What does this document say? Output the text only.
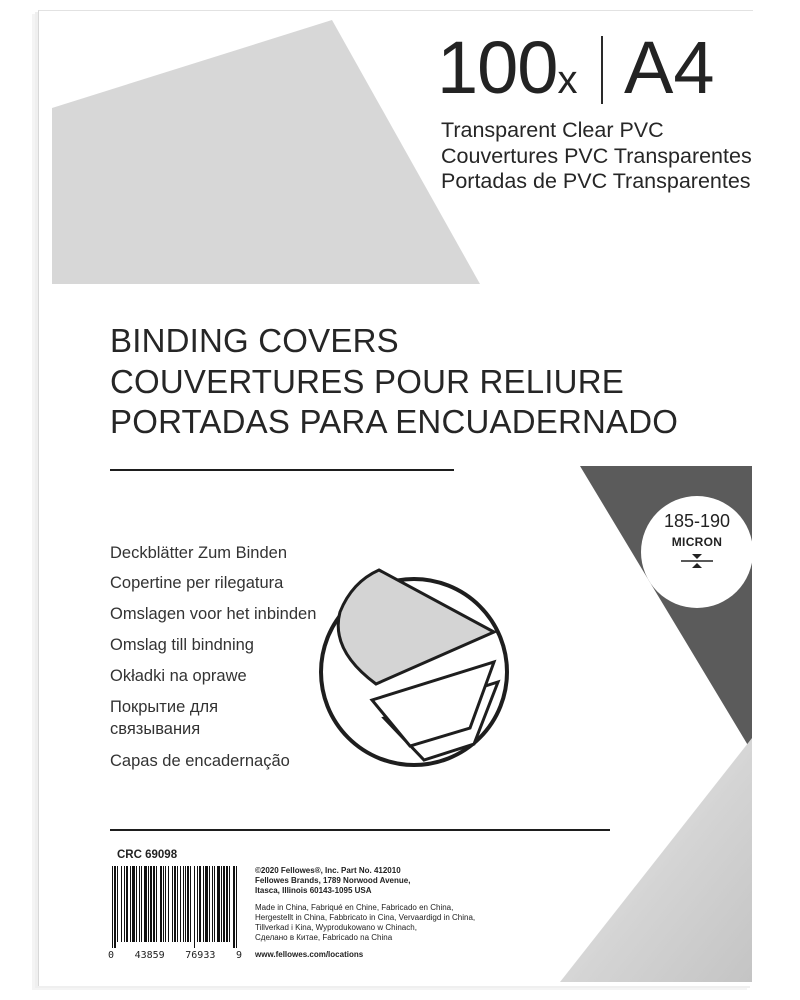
100x A4
Transparent Clear PVC
Couvertures PVC Transparentes
Portadas de PVC Transparentes
BINDING COVERS
COUVERTURES POUR RELIURE
PORTADAS PARA ENCUADERNADO
Deckblätter Zum Binden
Copertine per rilegatura
Omslagen voor het inbinden
Omslag till bindning
Okładki na oprawe
Покрытие для
связывания
Capas de encadernação
185-190
MICRON
CRC 69098
0 43859 76933 9
©2020 Fellowes®, Inc. Part No. 412010
Fellowes Brands, 1789 Norwood Avenue,
Itasca, Illinois 60143-1095 USA
Made in China, Fabriqué en Chine, Fabricado en China,
Hergestellt in China, Fabbricato in Cina, Vervaardigd in China,
Tillverkad i Kina, Wyprodukowano w Chinach,
Сделано в Китае, Fabricado na China
www.fellowes.com/locations
